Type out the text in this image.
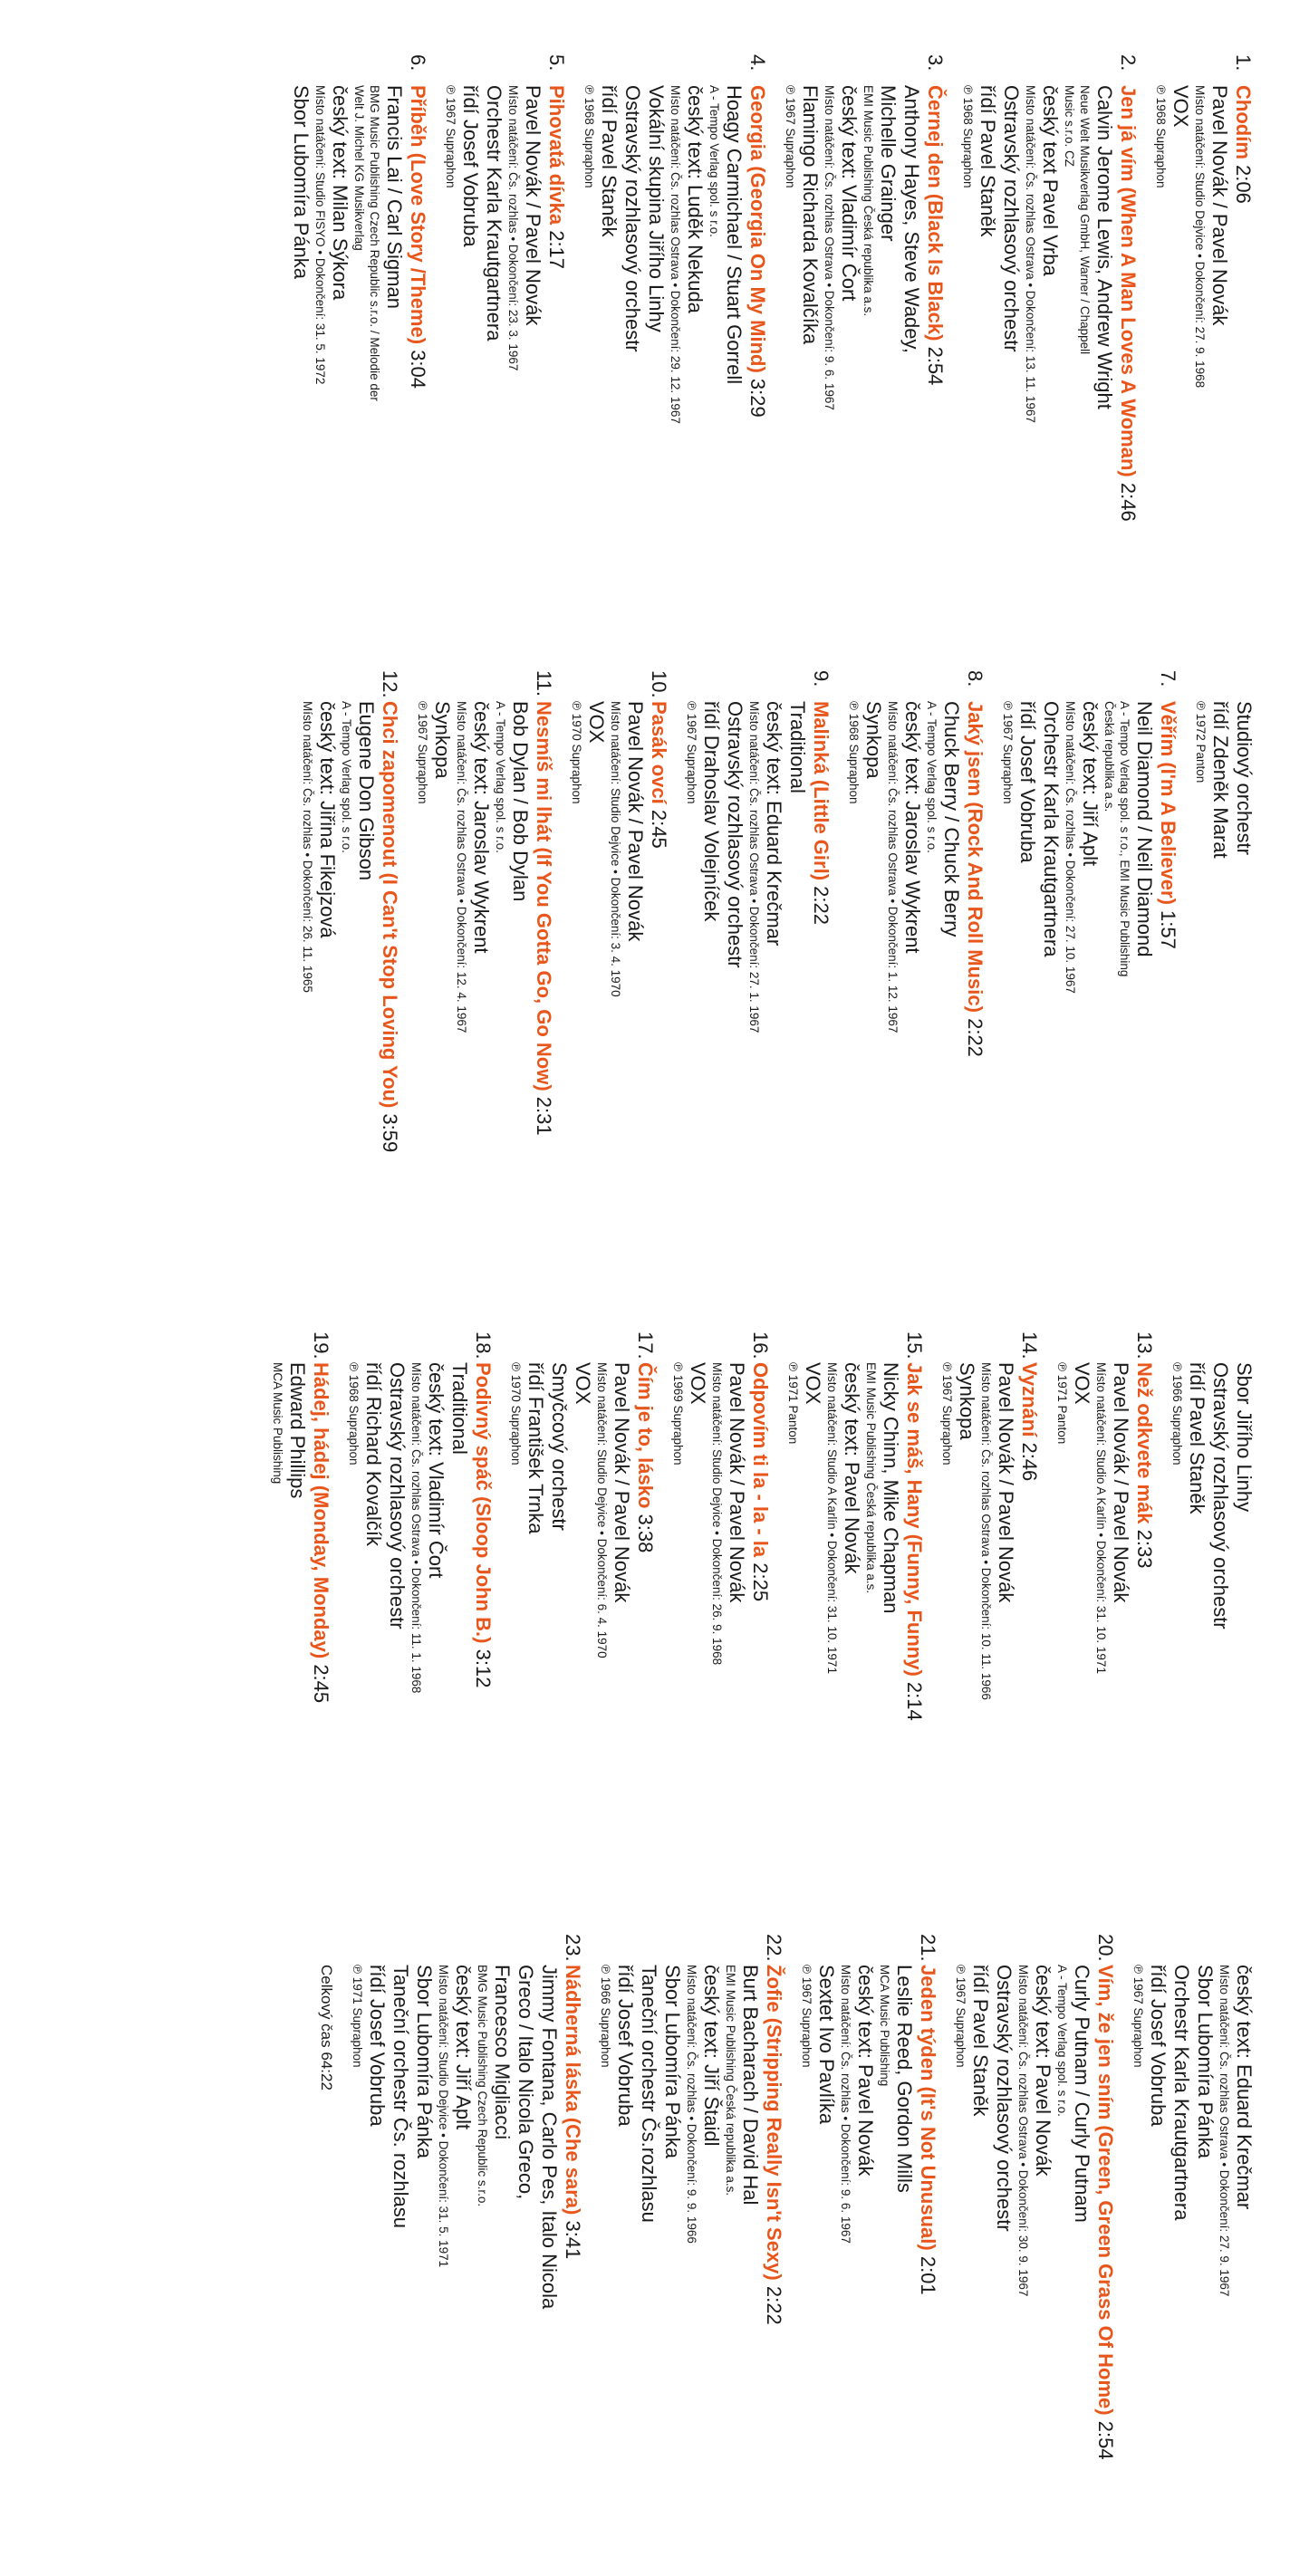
1.
Chodím 2:06
Pavel Novák / Pavel Novák
Místo natáčení: Studio Dejvice • Dokončení: 27. 9. 1968
VOX
℗ 1968 Supraphon
2.
Jen já vím (When A Man Loves A Woman) 2:46
Calvin Jerome Lewis, Andrew Wright
Neue Welt Musikverlag GmbH, Warner / Chappell
Music s.r.o. CZ
český text Pavel Vrba
Místo natáčení: Čs. rozhlas Ostrava • Dokončení: 13. 11. 1967
Ostravský rozhlasový orchestr
řídí Pavel Staněk
℗ 1968 Supraphon
3.
Černej den (Black Is Black) 2:54
Anthony Hayes, Steve Wadey,
Michelle Grainger
EMI Music Publishing Česká republika a.s.
český text: Vladimír Čort
Místo natáčení: Čs. rozhlas Ostrava • Dokončení: 9. 6. 1967
Flamingo Richarda Kovalčíka
℗ 1967 Supraphon
4.
Georgia (Georgia On My Mind) 3:29
Hoagy Carmichael / Stuart Gorrell
A - Tempo Verlag spol. s r.o.
český text: Luděk Nekuda
Místo natáčení: Čs. rozhlas Ostrava • Dokončení: 29. 12. 1967
Vokální skupina Jiřího Linhy
Ostravský rozhlasový orchestr
řídí Pavel Staněk
℗ 1968 Supraphon
5.
Pihovatá dívka 2:17
Pavel Novák / Pavel Novák
Místo natáčení: Čs. rozhlas • Dokončení: 23. 3. 1967
Orchestr Karla Krautgartnera
řídí Josef Vobruba
℗ 1967 Supraphon
6.
Příběh (Love Story /Theme) 3:04
Francis Lai / Carl Sigman
BMG Music Publishing Czech Republic s.r.o. / Melodie der
Welt J. Michel KG Musikverlag
český text: Milan Sýkora
Místo natáčení: Studio FISYO • Dokončení: 31. 5. 1972
Sbor Lubomíra Pánka
Studiový orchestr
řídí Zdeněk Marat
℗ 1972 Panton
7.
Věřím (I'm A Believer) 1:57
Neil Diamond / Neil Diamond
A - Tempo Verlag spol. s r.o., EMI Music Publishing
Česká republika a.s.
český text: Jiří Aplt
Místo natáčení: Čs. rozhlas • Dokončení: 27. 10. 1967
Orchestr Karla Krautgartnera
řídí Josef Vobruba
℗ 1967 Supraphon
8.
Jaký jsem (Rock And Roll Music) 2:22
Chuck Berry / Chuck Berry
A - Tempo Verlag spol. s r.o.
český text: Jaroslav Wykrent
Místo natáčení: Čs. rozhlas Ostrava • Dokončení: 1. 12. 1967
Synkopa
℗ 1968 Supraphon
9.
Malinká (Little Girl) 2:22
Traditional
český text: Eduard Krečmar
Místo natáčení: Čs. rozhlas Ostrava • Dokončení: 27. 1. 1967
Ostravský rozhlasový orchestr
řídí Drahoslav Volejníček
℗ 1967 Supraphon
10.
Pasák ovcí 2:45
Pavel Novák / Pavel Novák
Místo natáčení: Studio Dejvice • Dokončení: 3. 4. 1970
VOX
℗ 1970 Supraphon
11.
Nesmíš mi lhát (If You Gotta Go, Go Now) 2:31
Bob Dylan / Bob Dylan
A - Tempo Verlag spol. s r.o.
český text: Jaroslav Wykrent
Místo natáčení: Čs. rozhlas Ostrava • Dokončení: 12. 4. 1967
Synkopa
℗ 1967 Supraphon
12.
Chci zapomenout (I Can't Stop Loving You) 3:59
Eugene Don Gibson
A - Tempo Verlag spol. s r.o.
český text: Jiřina Fikejzová
Místo natáčení: Čs. rozhlas • Dokončení: 26. 11. 1965
Sbor Jiřího Linhy
Ostravský rozhlasový orchestr
řídí Pavel Staněk
℗ 1966 Supraphon
13.
Než odkvete mák 2:33
Pavel Novák / Pavel Novák
Místo natáčení: Studio A Karlín • Dokončení: 31. 10. 1971
VOX
℗ 1971 Panton
14.
Vyznání 2:46
Pavel Novák / Pavel Novák
Místo natáčení: Čs. rozhlas Ostrava • Dokončení: 10. 11. 1966
Synkopa
℗ 1967 Supraphon
15.
Jak se máš, Hany (Funny, Funny) 2:14
Nicky Chinn, Mike Chapman
EMI Music Publishing Česká republika a.s.
český text: Pavel Novák
Místo natáčení: Studio A Karlín • Dokončení: 31. 10. 1971
VOX
℗ 1971 Panton
16.
Odpovím ti la - la - la 2:25
Pavel Novák / Pavel Novák
Místo natáčení: Studio Dejvice • Dokončení: 26. 9. 1968
VOX
℗ 1969 Supraphon
17.
Čím je to, lásko 3:38
Pavel Novák / Pavel Novák
Místo natáčení: Studio Dejvice • Dokončení: 6. 4. 1970
VOX
Smyčcový orchestr
řídí František Trnka
℗ 1970 Supraphon
18.
Podivný spáč (Sloop John B.) 3:12
Traditional
český text: Vladimír Čort
Místo natáčení: Čs. rozhlas Ostrava • Dokončení: 11. 1. 1968
Ostravský rozhlasový orchestr
řídí Richard Kovalčík
℗ 1968 Supraphon
19.
Hádej, hádej (Monday, Monday) 2:45
Edward Phillips
MCA Music Publishing
český text: Eduard Krečmar
Místo natáčení: Čs. rozhlas Ostrava • Dokončení: 27. 9. 1967
Sbor Lubomíra Pánka
Orchestr Karla Krautgartnera
řídí Josef Vobruba
℗ 1967 Supraphon
20.
Vím, že jen sním (Green, Green Grass Of Home) 2:54
Curly Putnam / Curly Putnam
A - Tempo Verlag spol. s r.o.
český text: Pavel Novák
Místo natáčení: Čs. rozhlas Ostrava • Dokončení: 30. 9. 1967
Ostravský rozhlasový orchestr
řídí Pavel Staněk
℗ 1967 Supraphon
21.
Jeden týden (It's Not Unusual) 2:01
Leslie Reed, Gordon Mills
MCA Music Publishing
český text: Pavel Novák
Místo natáčení: Čs. rozhlas • Dokončení: 9. 6. 1967
Sextet Ivo Pavlíka
℗ 1967 Supraphon
22.
Žofie (Stripping Really Isn't Sexy) 2:22
Burt Bacharach / David Hal
EMI Music Publishing Česká republika a.s.
český text: Jiří Štaidl
Místo natáčení: Čs. rozhlas • Dokončení: 9. 9. 1966
Sbor Lubomíra Pánka
Taneční orchestr Čs.rozhlasu
řídí Josef Vobruba
℗ 1966 Supraphon
23.
Nádherná láska (Che sara) 3:41
Jimmy Fontana, Carlo Pes, Italo Nicola
Greco / Italo Nicola Greco,
Francesco Migliacci
BMG Music Publishing Czech Republic s.r.o.
český text: Jiří Aplt
Místo natáčení: Studio Dejvice • Dokončení: 31. 5. 1971
Sbor Lubomíra Pánka
Taneční orchestr Čs. rozhlasu
řídí Josef Vobruba
℗ 1971 Supraphon
Celkový čas 64:22
